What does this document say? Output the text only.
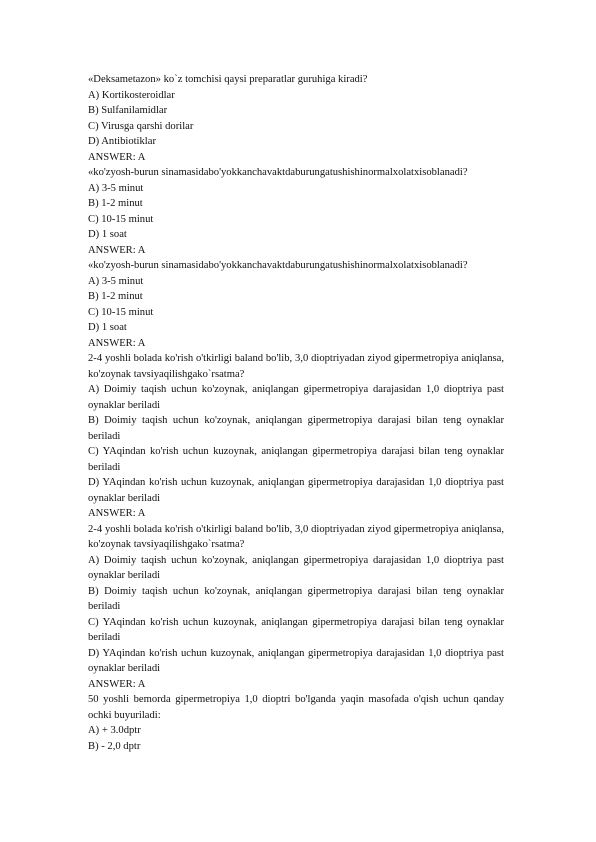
«Deksametazon» ko`z tomchisi qaysi preparatlar guruhiga kiradi?
A) Kortikosteroidlar
B) Sulfanilamidlar
C) Virusga qarshi dorilar
D) Antibiotiklar
ANSWER: A
«ko'zyosh-burun sinamasidabo'yokkanchavaktdaburungatushishinormalxolatxisoblanadi?
A) 3-5 minut
B) 1-2 minut
C) 10-15 minut
D) 1 soat
ANSWER: A
«ko'zyosh-burun sinamasidabo'yokkanchavaktdaburungatushishinormalxolatxisoblanadi?
A) 3-5 minut
B) 1-2 minut
C) 10-15 minut
D) 1 soat
ANSWER: A
2-4 yoshli bolada ko'rish o'tkirligi baland bo'lib, 3,0 dioptriyadan ziyod gipermetropiya aniqlansa, ko'zoynak tavsiyaqilishgako`rsatma?
A) Doimiy taqish uchun ko'zoynak, aniqlangan gipermetropiya darajasidan 1,0 dioptriya past oynaklar beriladi
B) Doimiy taqish uchun ko'zoynak, aniqlangan gipermetropiya darajasi bilan teng oynaklar beriladi
C) YAqindan ko'rish uchun kuzoynak, aniqlangan gipermetropiya darajasi bilan teng oynaklar beriladi
D) YAqindan ko'rish uchun kuzoynak, aniqlangan gipermetropiya darajasidan 1,0 dioptriya past oynaklar beriladi
ANSWER: A
2-4 yoshli bolada ko'rish o'tkirligi baland bo'lib, 3,0 dioptriyadan ziyod gipermetropiya aniqlansa, ko'zoynak tavsiyaqilishgako`rsatma?
A) Doimiy taqish uchun ko'zoynak, aniqlangan gipermetropiya darajasidan 1,0 dioptriya past oynaklar beriladi
B) Doimiy taqish uchun ko'zoynak, aniqlangan gipermetropiya darajasi bilan teng oynaklar beriladi
C) YAqindan ko'rish uchun kuzoynak, aniqlangan gipermetropiya darajasi bilan teng oynaklar beriladi
D) YAqindan ko'rish uchun kuzoynak, aniqlangan gipermetropiya darajasidan 1,0 dioptriya past oynaklar beriladi
ANSWER: A
50 yoshli bemorda gipermetropiya 1,0 dioptri bo'lganda yaqin masofada o'qish uchun qanday ochki buyuriladi:
A) + 3.0dptr
B) - 2,0 dptr
